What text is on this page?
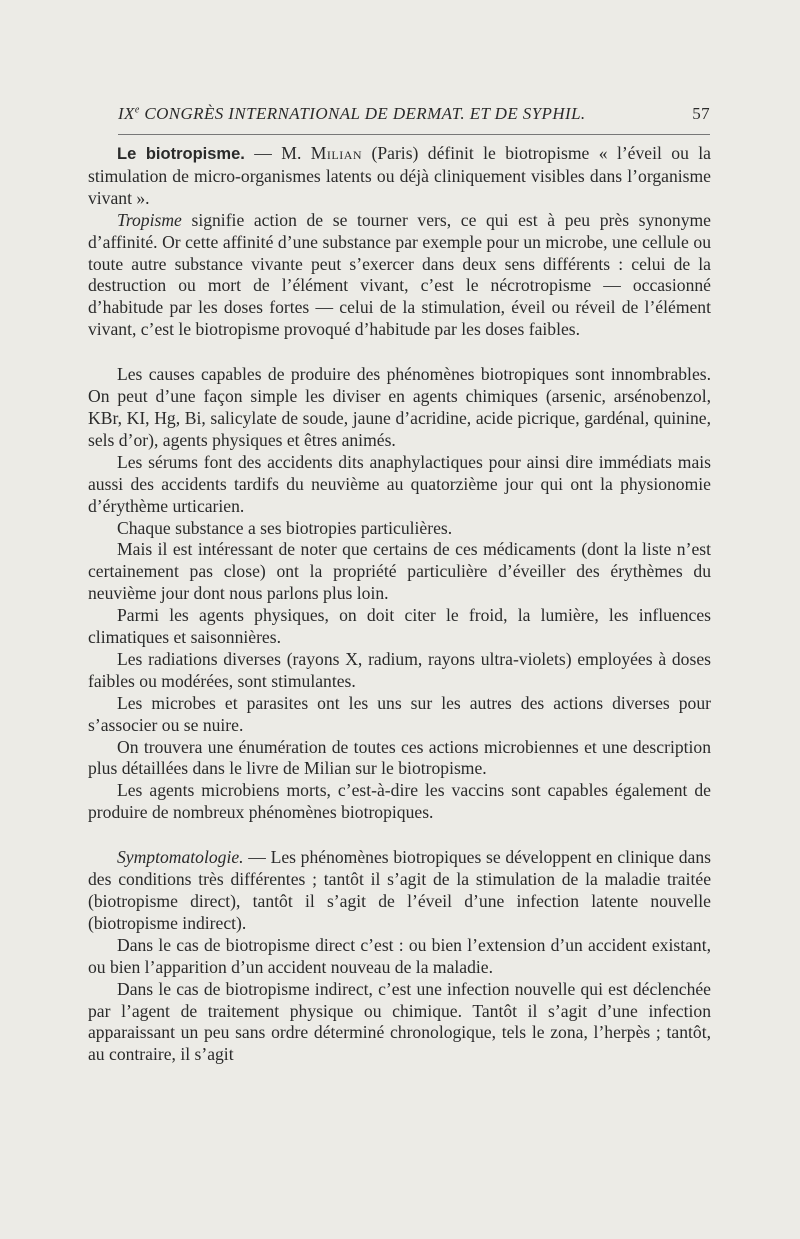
IXe CONGRÈS INTERNATIONAL DE DERMAT. ET DE SYPHIL.	57

Le biotropisme. — M. Milian (Paris) définit le biotropisme « l’éveil ou la stimulation de micro-organismes latents ou déjà cliniquement visibles dans l’organisme vivant ».

Tropisme signifie action de se tourner vers, ce qui est à peu près synonyme d’affinité. Or cette affinité d’une substance par exemple pour un microbe, une cellule ou toute autre substance vivante peut s’exercer dans deux sens différents : celui de la destruction ou mort de l’élément vivant, c’est le nécrotropisme — occasionné d’habitude par les doses fortes — celui de la stimulation, éveil ou réveil de l’élément vivant, c’est le biotropisme provoqué d’habitude par les doses faibles.

Les causes capables de produire des phénomènes biotropiques sont innombrables. On peut d’une façon simple les diviser en agents chimiques (arsenic, arsénobenzol, KBr, KI, Hg, Bi, salicylate de soude, jaune d’acridine, acide picrique, gardénal, quinine, sels d’or), agents physiques et êtres animés.

Les sérums font des accidents dits anaphylactiques pour ainsi dire immédiats mais aussi des accidents tardifs du neuvième au quatorzième jour qui ont la physionomie d’érythème urticarien.

Chaque substance a ses biotropies particulières.

Mais il est intéressant de noter que certains de ces médicaments (dont la liste n’est certainement pas close) ont la propriété particulière d’éveiller des érythèmes du neuvième jour dont nous parlons plus loin.

Parmi les agents physiques, on doit citer le froid, la lumière, les influences climatiques et saisonnières.

Les radiations diverses (rayons X, radium, rayons ultra-violets) employées à doses faibles ou modérées, sont stimulantes.

Les microbes et parasites ont les uns sur les autres des actions diverses pour s’associer ou se nuire.

On trouvera une énumération de toutes ces actions microbiennes et une description plus détaillées dans le livre de Milian sur le biotropisme.

Les agents microbiens morts, c’est-à-dire les vaccins sont capables également de produire de nombreux phénomènes biotropiques.

Symptomatologie. — Les phénomènes biotropiques se développent en clinique dans des conditions très différentes ; tantôt il s’agit de la stimulation de la maladie traitée (biotropisme direct), tantôt il s’agit de l’éveil d’une infection latente nouvelle (biotropisme indirect).

Dans le cas de biotropisme direct c’est : ou bien l’extension d’un accident existant, ou bien l’apparition d’un accident nouveau de la maladie.

Dans le cas de biotropisme indirect, c’est une infection nouvelle qui est déclenchée par l’agent de traitement physique ou chimique. Tantôt il s’agit d’une infection apparaissant un peu sans ordre déterminé chronologique, tels le zona, l’herpès ; tantôt, au contraire, il s’agit
